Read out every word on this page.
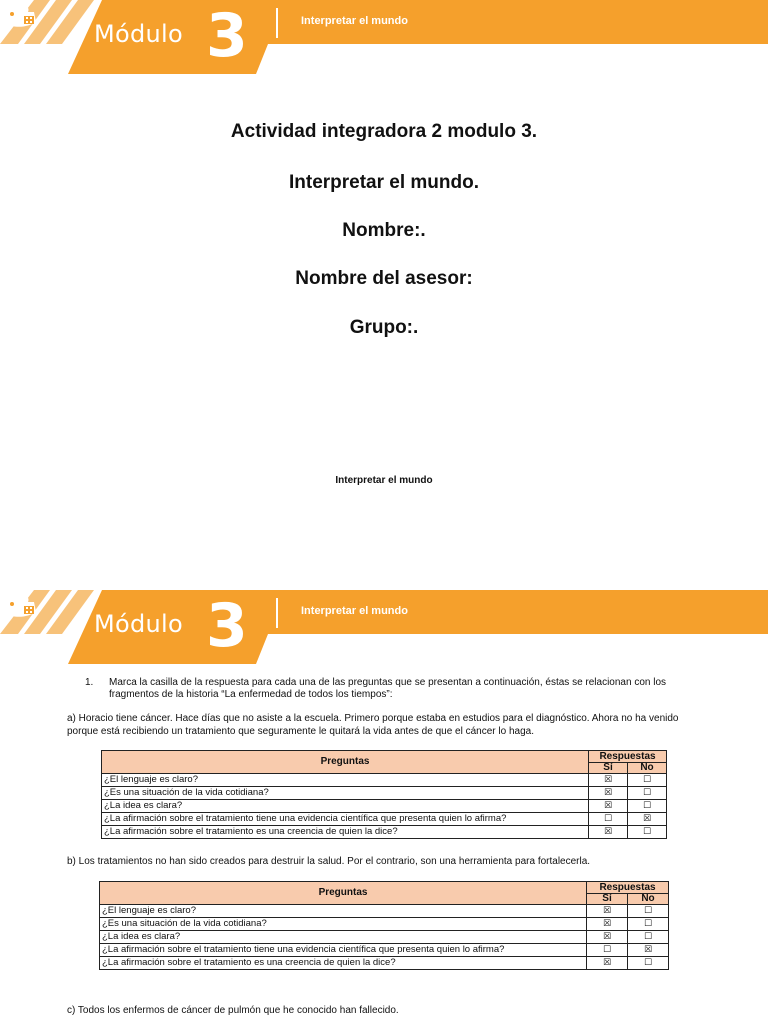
Módulo 3	Interpretar el mundo
Actividad integradora 2 modulo 3.
Interpretar el mundo.
Nombre:.
Nombre del asesor:
Grupo:.
Interpretar el mundo
Módulo 3	Interpretar el mundo
1.	Marca la casilla de la respuesta para cada una de las preguntas que se presentan a continuación, éstas se relacionan con los fragmentos de la historia “La enfermedad de todos los tiempos”:
a) Horacio tiene cáncer. Hace días que no asiste a la escuela. Primero porque estaba en estudios para el diagnóstico. Ahora no ha venido porque está recibiendo un tratamiento que seguramente le quitará la vida antes de que el cáncer lo haga.
Preguntas	Respuestas	
	Sí	No
¿El lenguaje es claro?	☒	☐
¿Es una situación de la vida cotidiana?	☒	☐
¿La idea es clara?	☒	☐
¿La afirmación sobre el tratamiento tiene una evidencia científica que presenta quien lo afirma?	☐	☒
¿La afirmación sobre el tratamiento es una creencia de quien la dice?	☒	☐
b) Los tratamientos no han sido creados para destruir la salud. Por el contrario, son una herramienta para fortalecerla.
Preguntas	Respuestas	
	Sí	No
¿El lenguaje es claro?	☒	☐
¿Es una situación de la vida cotidiana?	☒	☐
¿La idea es clara?	☒	☐
¿La afirmación sobre el tratamiento tiene una evidencia científica que presenta quien lo afirma?	☐	☒
¿La afirmación sobre el tratamiento es una creencia de quien la dice?	☒	☐
c) Todos los enfermos de cáncer de pulmón que he conocido han fallecido.
